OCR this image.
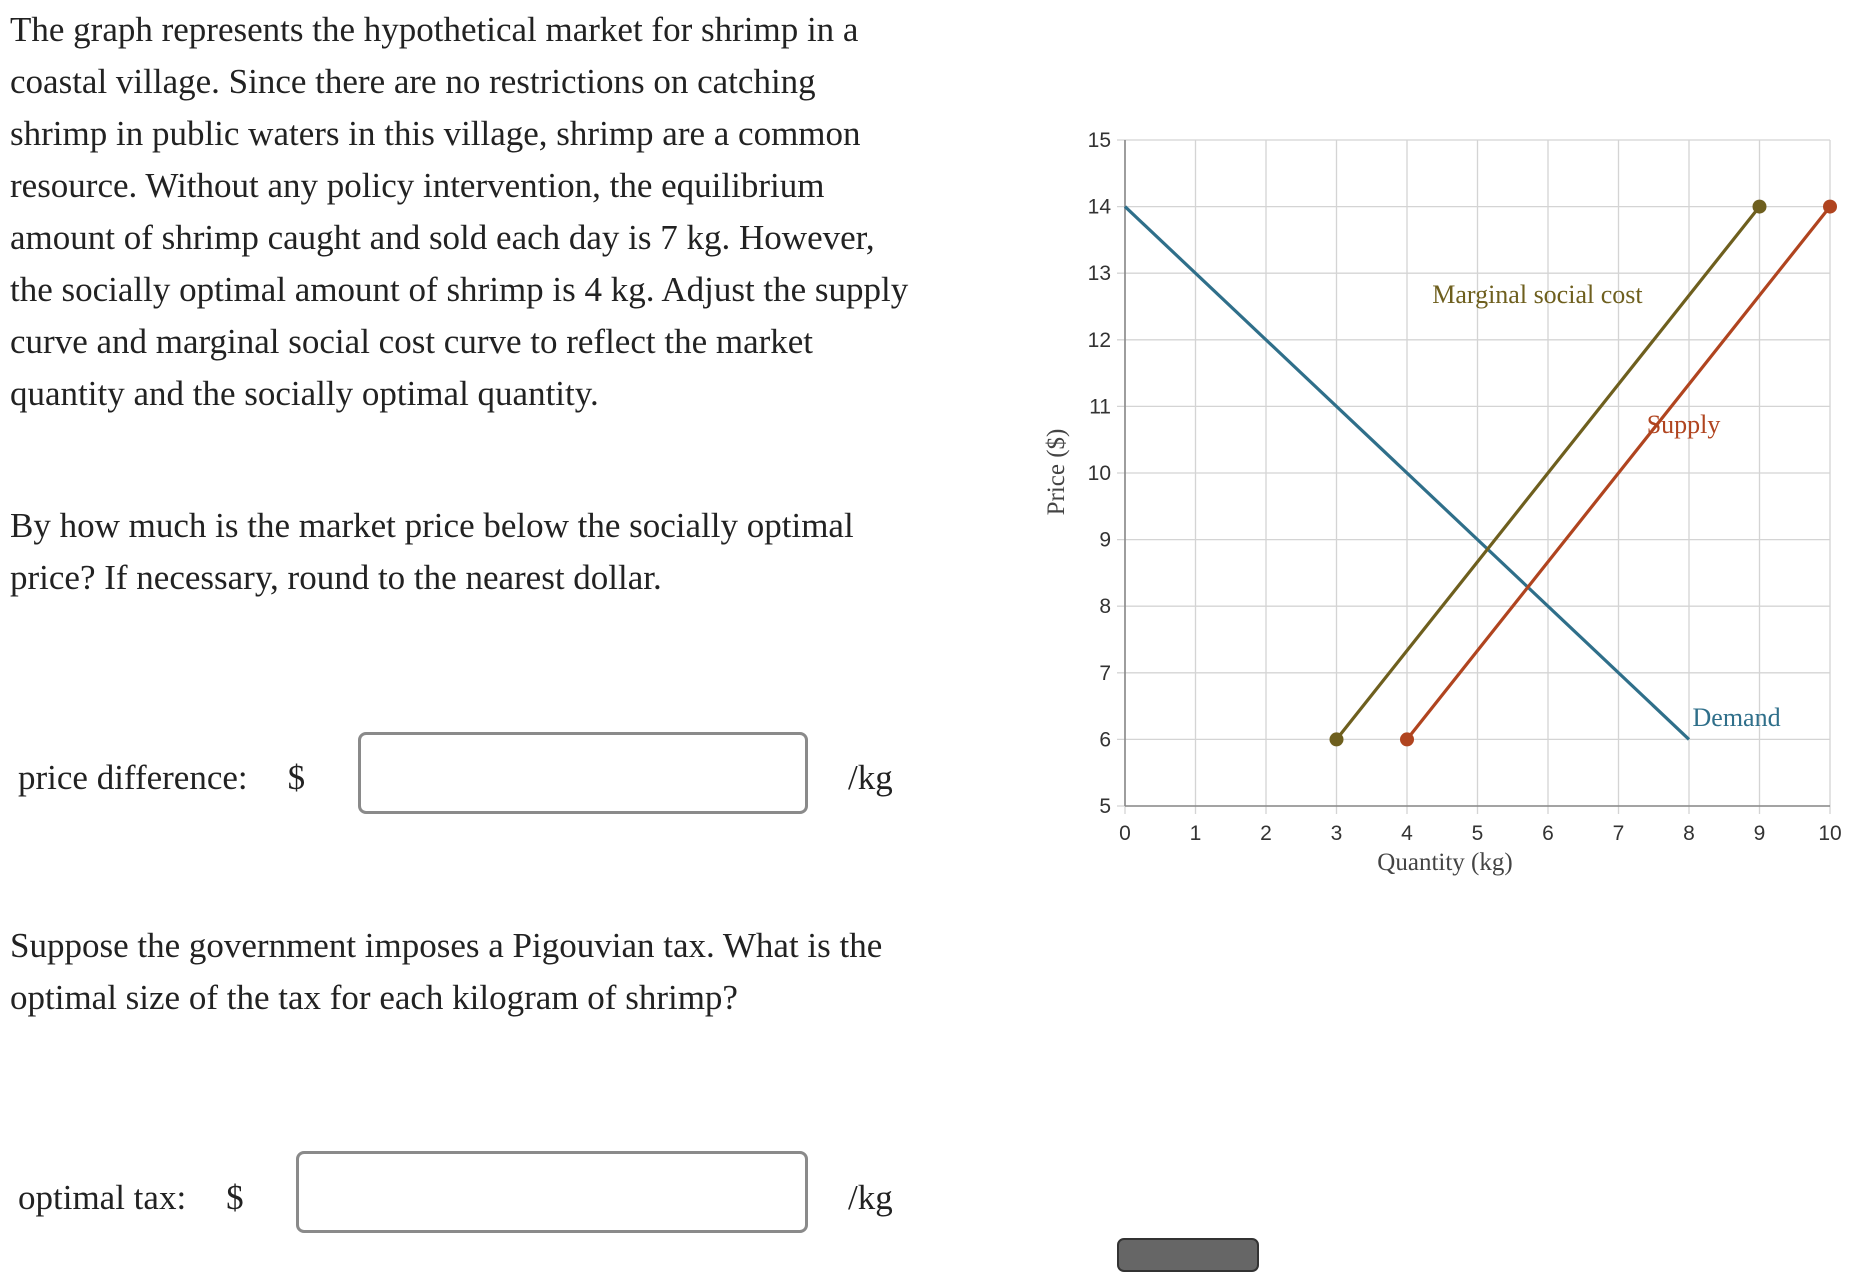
The graph represents the hypothetical market for shrimp in a coastal village. Since there are no restrictions on catching shrimp in public waters in this village, shrimp are a common resource. Without any policy intervention, the equilibrium amount of shrimp caught and sold each day is 7 kg. However, the socially optimal amount of shrimp is 4 kg. Adjust the supply curve and marginal social cost curve to reflect the market quantity and the socially optimal quantity.
By how much is the market price below the socially optimal price? If necessary, round to the nearest dollar.
price difference: $	/kg
Suppose the government imposes a Pigouvian tax. What is the optimal size of the tax for each kilogram of shrimp?
optimal tax: $	/kg
0	1	2	3	4	5	6	7	8	9	10
5
6
7
8
9
10
11
12
13
14
15
Demand
Marginal social cost
Supply
Quantity (kg)
Price ($)
